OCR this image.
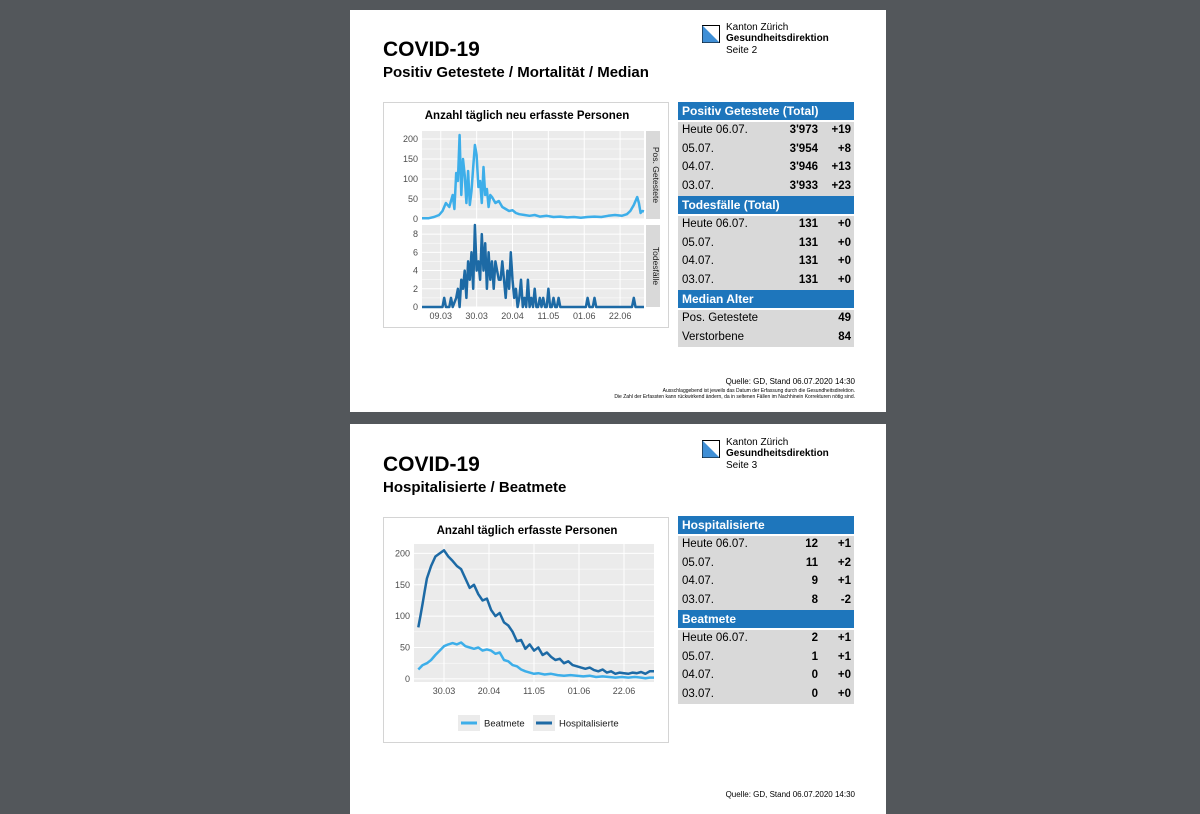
Kanton Zürich
Gesundheitsdirektion
Seite 2
COVID-19
Positiv Getestete / Mortalität / Median
Anzahl täglich neu erfasste Personen
0
50
100
150
200
Pos. Getestete
0
2
4
6
8
09.03 30.03 20.04 11.05 01.06 22.06
Todesfälle
Positiv Getestete (Total)
Heute 06.07.	3'973 +19
05.07.	3'954 +8
04.07.	3'946 +13
03.07.	3'933 +23
Todesfälle (Total)
Heute 06.07.	131 +0
05.07.	131 +0
04.07.	131 +0
03.07.	131 +0
Median Alter
Pos. Getestete	49
Verstorbene	84
Quelle: GD, Stand 06.07.2020 14:30
Ausschlaggebend ist jeweils das Datum der Erfassung durch die Gesundheitsdirektion.
Die Zahl der Erfassten kann rückwirkend ändern, da in seltenen Fällen im Nachhinein Korrekturen nötig sind.
Kanton Zürich
Gesundheitsdirektion
Seite 3
COVID-19
Hospitalisierte / Beatmete
Anzahl täglich erfasste Personen
0
50
100
150
200
30.03 20.04	11.05	01.06 22.06
Beatmete	Hospitalisierte
Hospitalisierte
Heute 06.07.	12 +1
05.07.	11 +2
04.07.	9 +1
03.07.	8 -2
Beatmete
Heute 06.07.	2 +1
05.07.	1 +1
04.07.	0 +0
03.07.	0 +0
Quelle: GD, Stand 06.07.2020 14:30
